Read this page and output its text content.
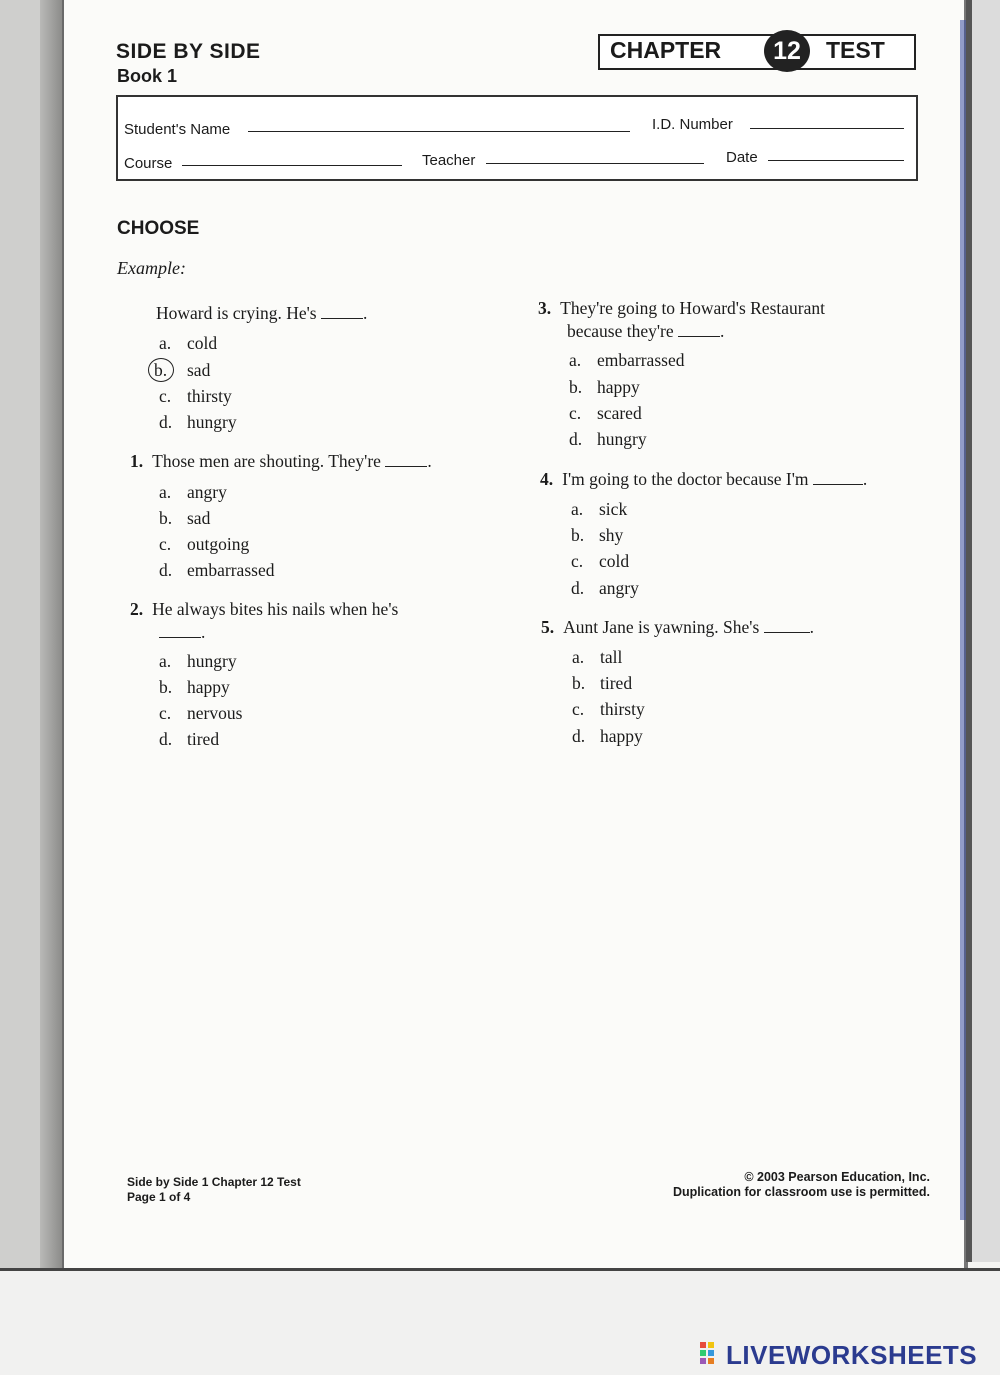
SIDE BY SIDE
Book 1
CHAPTER	12	TEST
Student's Name	I.D. Number
Course	Teacher	Date
CHOOSE
Example:
Howard is crying. He's	.
a. cold
b. sad
c. thirsty
d. hungry
1. Those men are shouting. They're	.
a. angry
b. sad
c. outgoing
d. embarrassed
2. He always bites his nails when he's
.
a. hungry
b. happy
c. nervous
d. tired
3. They're going to Howard's Restaurant
because they're	.
a. embarrassed
b. happy
c. scared
d. hungry
4. I'm going to the doctor because I'm	.
a. sick
b. shy
c. cold
d. angry
5. Aunt Jane is yawning. She's	.
a. tall
b. tired
c. thirsty
d. happy
Side by Side 1 Chapter 12 Test
Page 1 of 4
© 2003 Pearson Education, Inc.
Duplication for classroom use is permitted.
LIVEWORKSHEETS
